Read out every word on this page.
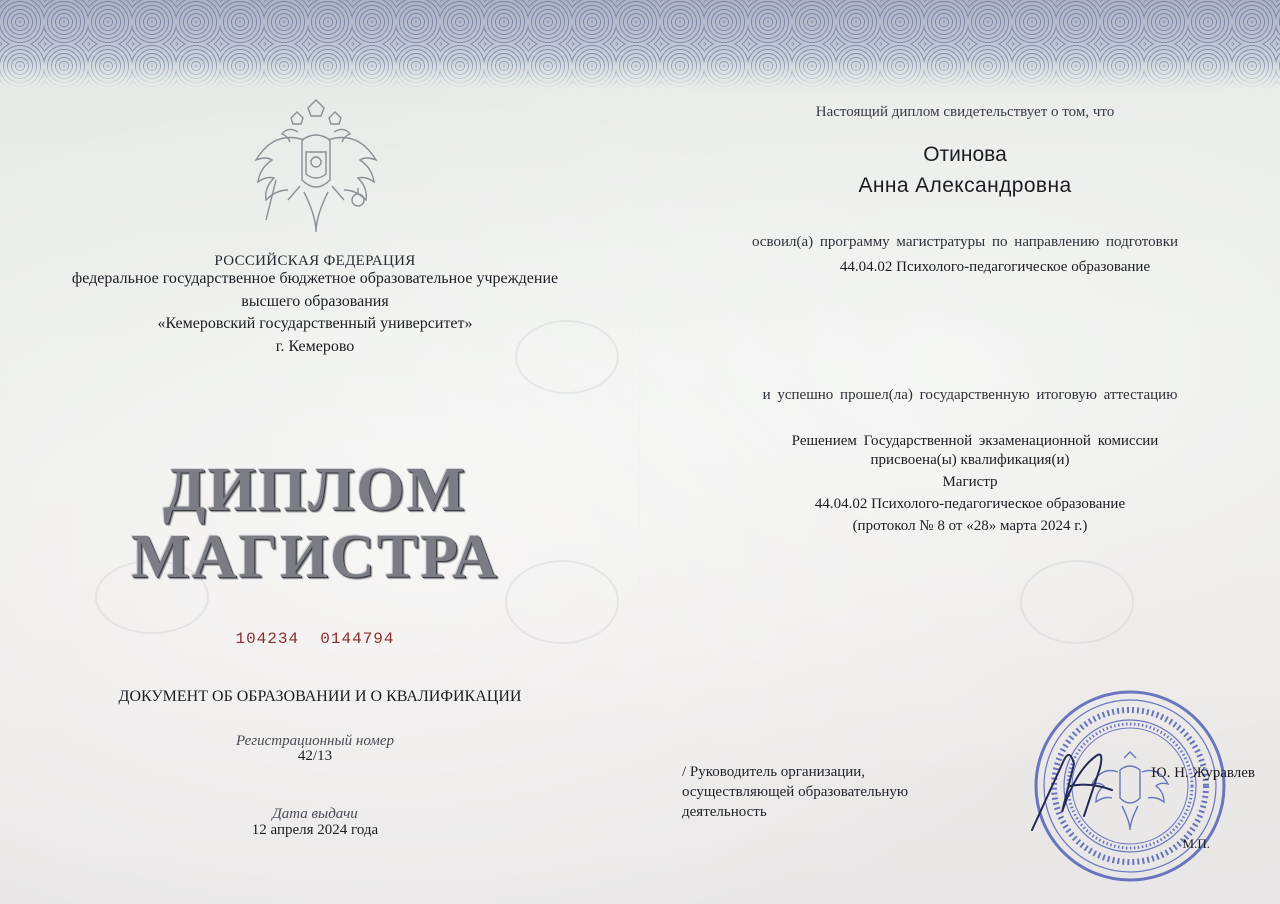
РОССИЙСКАЯ ФЕДЕРАЦИЯ
федеральное государственное бюджетное образовательное учреждение
высшего образования
«Кемеровский государственный университет»
г. Кемерово
ДИПЛОМ
МАГИСТРА
104234  0144794
ДОКУМЕНТ ОБ ОБРАЗОВАНИИ И О КВАЛИФИКАЦИИ
Регистрационный номер
42/13
Дата выдачи
12 апреля 2024 года
Настоящий диплом свидетельствует о том, что
Отинова
Анна Александровна
освоил(а) программу магистратуры по направлению подготовки
44.04.02 Психолого-педагогическое образование
и успешно прошел(ла) государственную итоговую аттестацию
Решением Государственной экзаменационной комиссии
присвоена(ы) квалификация(и)
Магистр
44.04.02 Психолого-педагогическое образование
(протокол № 8 от «28» марта 2024 г.)
/ Руководитель организации,
осуществляющей образовательную
деятельность
Ю. Н. Журавлев
М.П.
